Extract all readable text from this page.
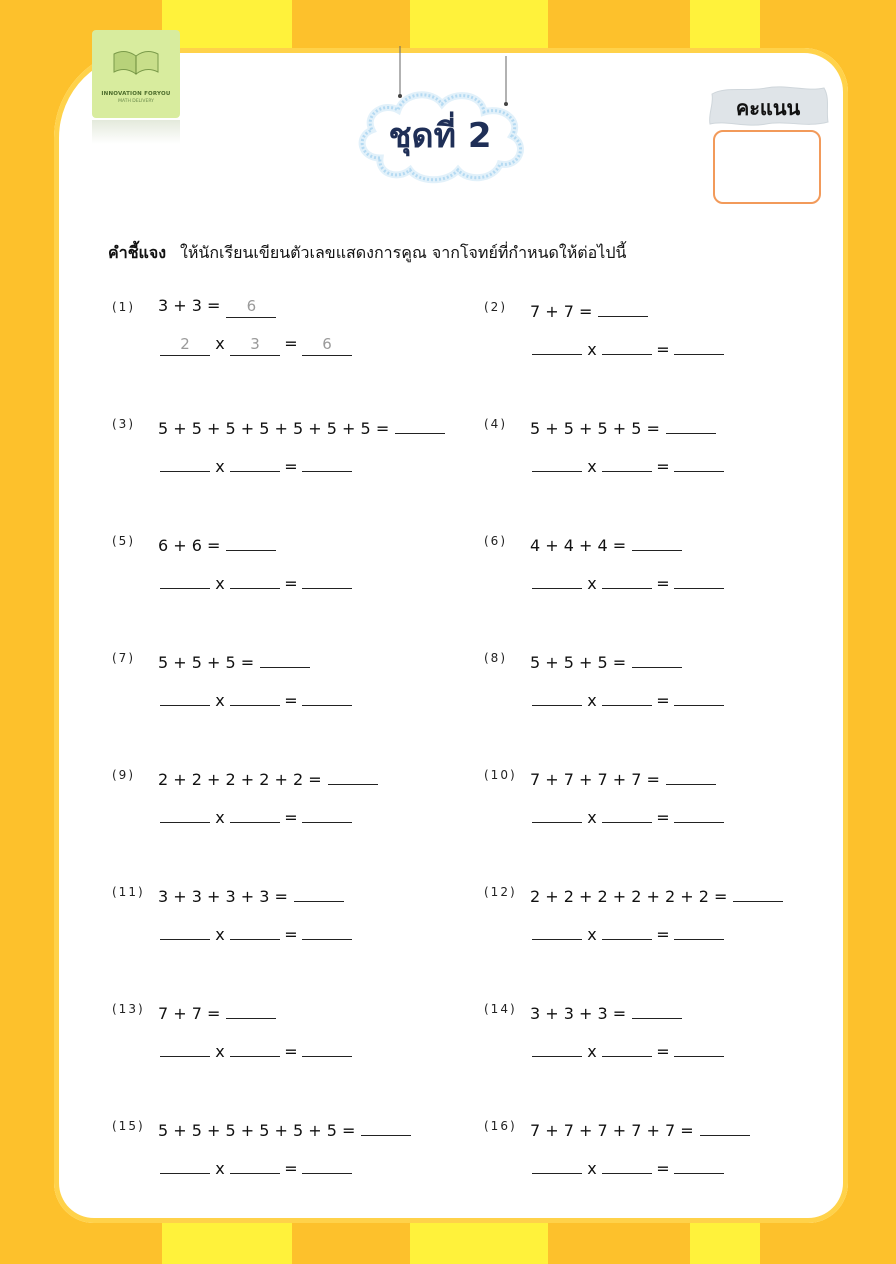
INNOVATION FORYOU
MATH DELIVERY
ชุดที่ 2
คะแนน
คำชี้แจง ให้นักเรียนเขียนตัวเลขแสดงการคูณ จากโจทย์ที่กำหนดให้ต่อไปนี้
(1) 3 + 3 =	6
2	x	3	=	6
(2) 7 + 7 =
x	=
(3) 5 + 5 + 5 + 5 + 5 + 5 + 5 =
x	=
(4) 5 + 5 + 5 + 5 =
x	=
(5) 6 + 6 =
x	=
(6) 4 + 4 + 4 =
x	=
(7) 5 + 5 + 5 =
x	=
(8) 5 + 5 + 5 =
x	=
(9) 2 + 2 + 2 + 2 + 2 =
x	=
(10) 7 + 7 + 7 + 7 =
x	=
(11) 3 + 3 + 3 + 3 =
x	=
(12) 2 + 2 + 2 + 2 + 2 + 2 =
x	=
(13) 7 + 7 =
x	=
(14) 3 + 3 + 3 =
x	=
(15) 5 + 5 + 5 + 5 + 5 + 5 =
x	=
(16) 7 + 7 + 7 + 7 + 7 =
x	=
